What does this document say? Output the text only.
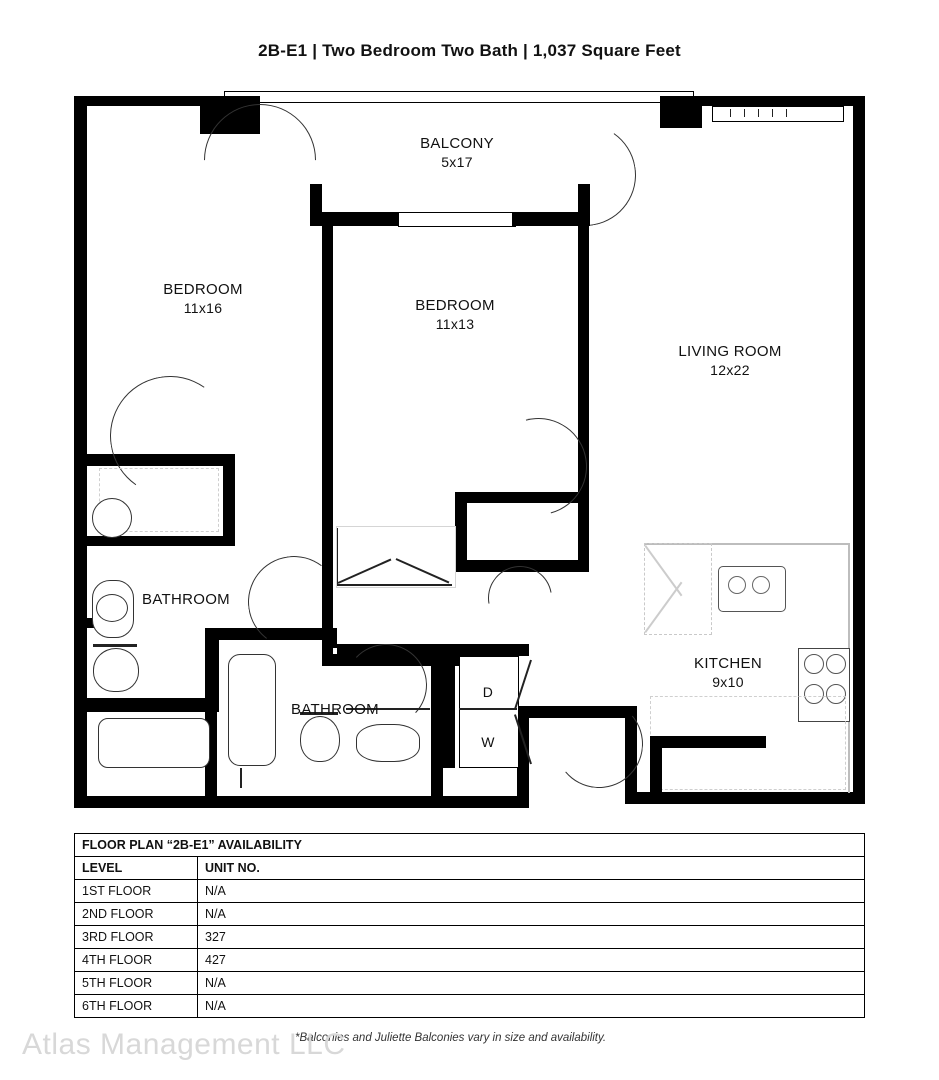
2B-E1 | Two Bedroom Two Bath | 1,037 Square Feet
D
W
BALCONY
5x17
BEDROOM
11x16	BEDROOM
11x13
LIVING ROOM
12x22
KITCHEN
9x10
BATHROOM
BATHROOM
FLOOR PLAN “2B-E1” AVAILABILITY	
LEVEL	UNIT NO.
1ST FLOOR	N/A
2ND FLOOR	N/A
3RD FLOOR	327
4TH FLOOR	427
5TH FLOOR	N/A
6TH FLOOR	N/A
*Balconies and Juliette Balconies vary in size and availability.
Atlas Management LLC
